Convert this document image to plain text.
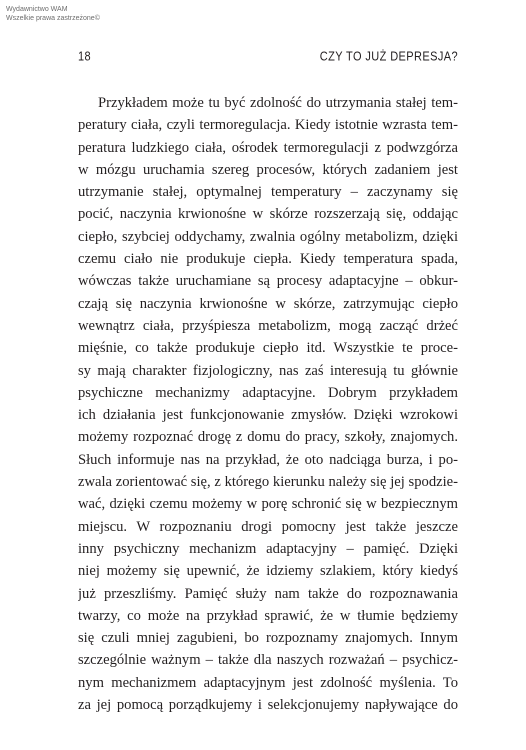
Wydawnictwo WAM
Wszelkie prawa zastrzeżone©
18	CZY TO JUŻ DEPRESJA?
Przykładem może tu być zdolność do utrzymania stałej tem-
peratury ciała, czyli termoregulacja. Kiedy istotnie wzrasta tem-
peratura ludzkiego ciała, ośrodek termoregulacji z podwzgórza
w mózgu uruchamia szereg procesów, których zadaniem jest
utrzymanie stałej, optymalnej temperatury – zaczynamy się
pocić, naczynia krwionośne w skórze rozszerzają się, oddając
ciepło, szybciej oddychamy, zwalnia ogólny metabolizm, dzięki
czemu ciało nie produkuje ciepła. Kiedy temperatura spada,
wówczas także uruchamiane są procesy adaptacyjne – obkur-
czają się naczynia krwionośne w skórze, zatrzymując ciepło
wewnątrz ciała, przyśpiesza metabolizm, mogą zacząć drżeć
mięśnie, co także produkuje ciepło itd. Wszystkie te proce-
sy mają charakter fizjologiczny, nas zaś interesują tu głównie
psychiczne mechanizmy adaptacyjne. Dobrym przykładem
ich działania jest funkcjonowanie zmysłów. Dzięki wzrokowi
możemy rozpoznać drogę z domu do pracy, szkoły, znajomych.
Słuch informuje nas na przykład, że oto nadciąga burza, i po-
zwala zorientować się, z którego kierunku należy się jej spodzie-
wać, dzięki czemu możemy w porę schronić się w bezpiecznym
miejscu. W rozpoznaniu drogi pomocny jest także jeszcze
inny psychiczny mechanizm adaptacyjny – pamięć. Dzięki
niej możemy się upewnić, że idziemy szlakiem, który kiedyś
już przeszliśmy. Pamięć służy nam także do rozpoznawania
twarzy, co może na przykład sprawić, że w tłumie będziemy
się czuli mniej zagubieni, bo rozpoznamy znajomych. Innym
szczególnie ważnym – także dla naszych rozważań – psychicz-
nym mechanizmem adaptacyjnym jest zdolność myślenia. To
za jej pomocą porządkujemy i selekcjonujemy napływające do
